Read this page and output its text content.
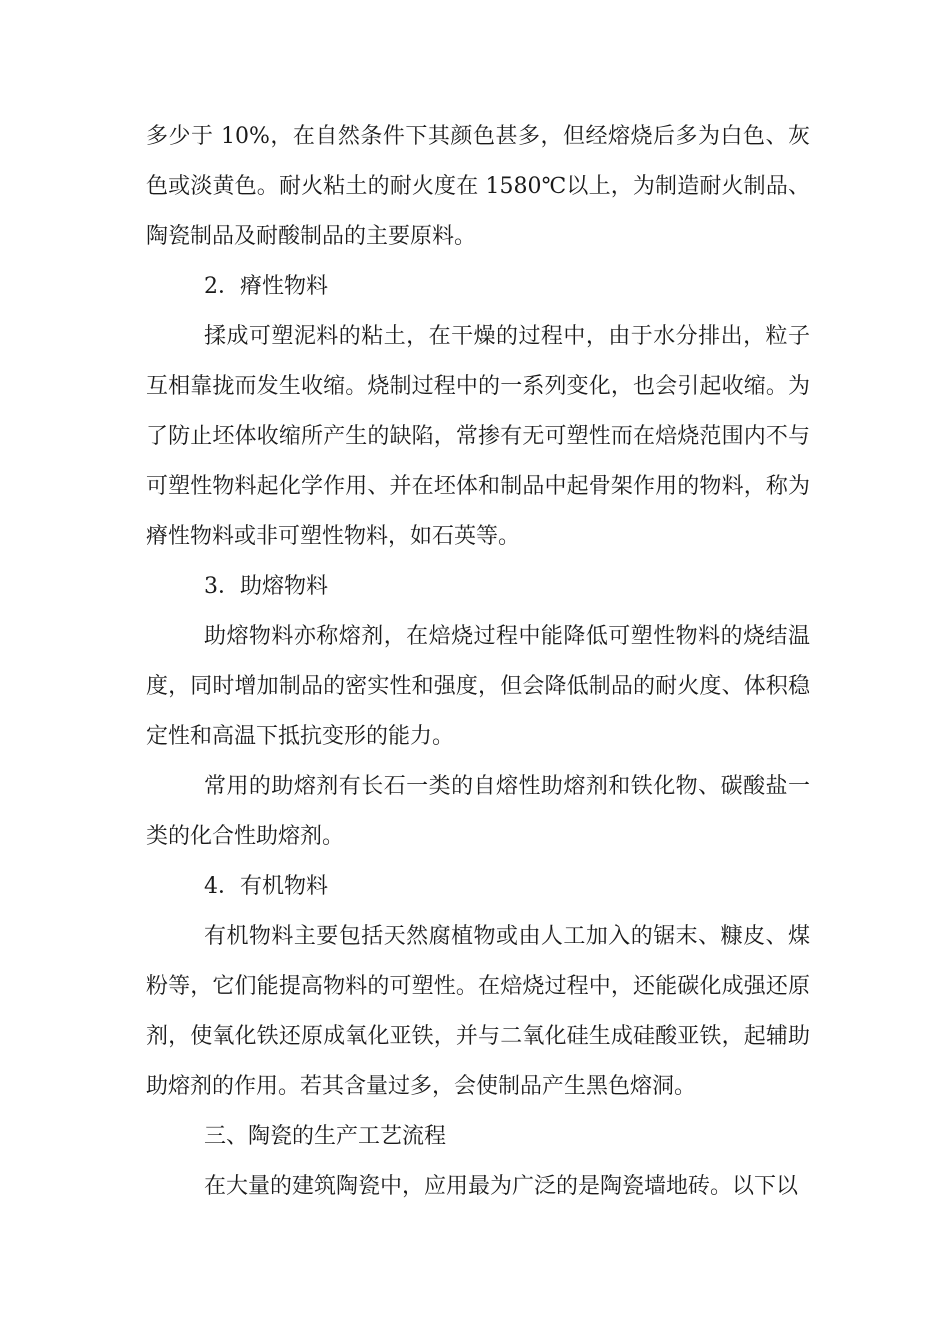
多少于 10%，在自然条件下其颜色甚多，但经熔烧后多为白色、灰色或淡黄色。耐火粘土的耐火度在 1580℃以上，为制造耐火制品、陶瓷制品及耐酸制品的主要原料。

2．瘠性物料

揉成可塑泥料的粘土，在干燥的过程中，由于水分排出，粒子互相靠拢而发生收缩。烧制过程中的一系列变化，也会引起收缩。为了防止坯体收缩所产生的缺陷，常掺有无可塑性而在焙烧范围内不与可塑性物料起化学作用、并在坯体和制品中起骨架作用的物料，称为瘠性物料或非可塑性物料，如石英等。

3．助熔物料

助熔物料亦称熔剂，在焙烧过程中能降低可塑性物料的烧结温度，同时增加制品的密实性和强度，但会降低制品的耐火度、体积稳定性和高温下抵抗变形的能力。

常用的助熔剂有长石一类的自熔性助熔剂和铁化物、碳酸盐一类的化合性助熔剂。

4．有机物料

有机物料主要包括天然腐植物或由人工加入的锯末、糠皮、煤粉等，它们能提高物料的可塑性。在焙烧过程中，还能碳化成强还原剂，使氧化铁还原成氧化亚铁，并与二氧化硅生成硅酸亚铁，起辅助助熔剂的作用。若其含量过多，会使制品产生黑色熔洞。

三、陶瓷的生产工艺流程

在大量的建筑陶瓷中，应用最为广泛的是陶瓷墙地砖。以下以
